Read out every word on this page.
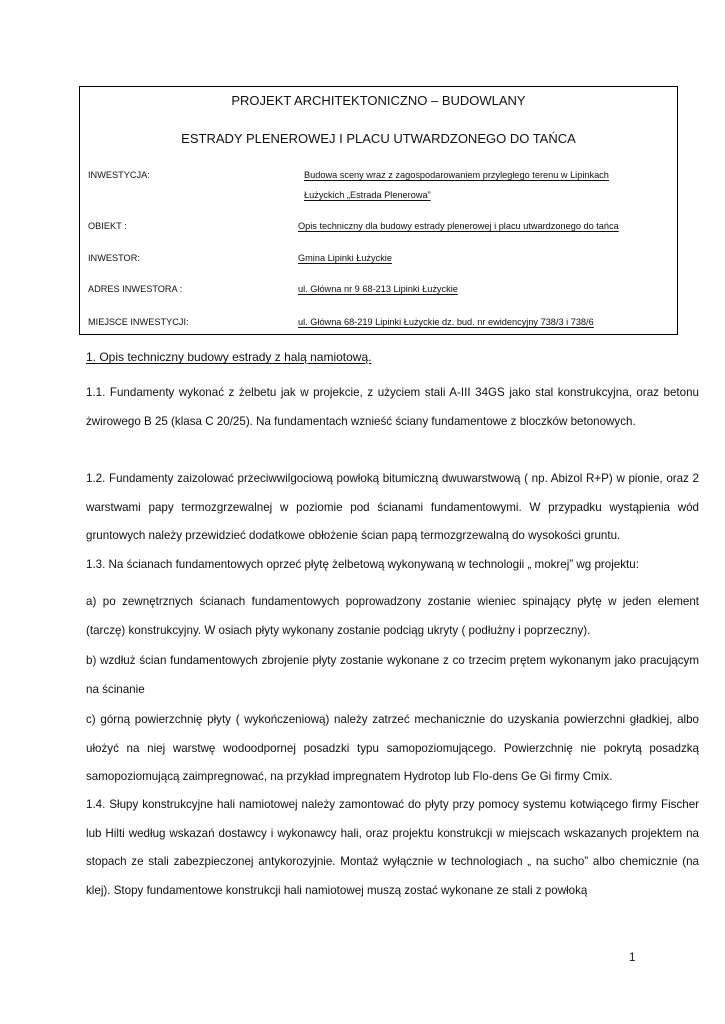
PROJEKT ARCHITEKTONICZNO – BUDOWLANY
ESTRADY PLENEROWEJ I PLACU UTWARDZONEGO DO TAŃCA
INWESTYCJA:	Budowa sceny wraz z zagospodarowaniem przyległego terenu w Lipinkach
Łużyckich „Estrada Plenerowa”
OBIEKT :	Opis techniczny dla budowy estrady plenerowej i placu utwardzonego do tańca
INWESTOR:	Gmina Lipinki Łużyckie
ADRES INWESTORA :	ul. Główna nr 9 68-213 Lipinki Łużyckie
MIEJSCE INWESTYCJI:	ul. Główna 68-219 Lipinki Łużyckie dz. bud. nr ewidencyjny 738/3 i 738/6
1. Opis techniczny budowy estrady z halą namiotową.
1.1. Fundamenty wykonać z żelbetu jak w projekcie, z użyciem stali A-III 34GS jako stal konstrukcyjna, oraz betonu żwirowego B 25 (klasa C 20/25). Na fundamentach wznieść ściany fundamentowe z bloczków betonowych.
1.2. Fundamenty zaizolować przeciwwilgociową powłoką bitumiczną dwuwarstwową ( np. Abizol R+P) w pionie, oraz 2 warstwami papy termozgrzewalnej w poziomie pod ścianami fundamentowymi. W przypadku wystąpienia wód gruntowych należy przewidzieć dodatkowe obłożenie ścian papą termozgrzewalną do wysokości gruntu.
1.3. Na ścianach fundamentowych oprzeć płytę żelbetową wykonywaną w technologii „ mokrej” wg projektu:
a) po zewnętrznych ścianach fundamentowych poprowadzony zostanie wieniec spinający płytę w jeden element (tarczę) konstrukcyjny. W osiach płyty wykonany zostanie podciąg ukryty ( podłużny i poprzeczny).
b) wzdłuż ścian fundamentowych zbrojenie płyty zostanie wykonane z co trzecim prętem wykonanym jako pracującym na ścinanie
c) górną powierzchnię płyty ( wykończeniową) należy zatrzeć mechanicznie do uzyskania powierzchni gładkiej, albo ułożyć na niej warstwę wodoodpornej posadzki typu samopoziomującego. Powierzchnię nie pokrytą posadzką samopoziomującą zaimpregnować, na przykład impregnatem Hydrotop lub Flo-dens Ge Gi firmy Cmix.
1.4. Słupy konstrukcyjne hali namiotowej należy zamontować do płyty przy pomocy systemu kotwiącego firmy Fischer lub Hilti według wskazań dostawcy i wykonawcy hali, oraz projektu konstrukcji w miejscach wskazanych projektem na stopach ze stali zabezpieczonej antykorozyjnie. Montaż wyłącznie w technologiach „ na sucho” albo chemicznie (na klej). Stopy fundamentowe konstrukcji hali namiotowej muszą zostać wykonane ze stali z powłoką
1
